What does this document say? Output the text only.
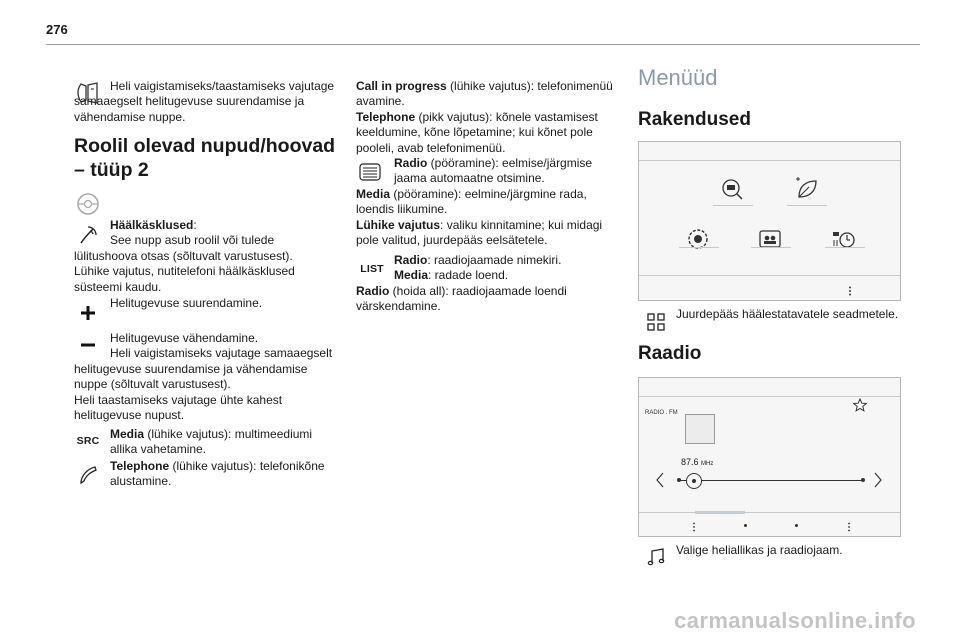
276

Heli vaigistamiseks/taastamiseks vajutage samaaegselt helitugevuse suurendamise ja vähendamise nuppe.

Roolil olevad nupud/hoovad
– tüüp 2

Häälkäsklused:
See nupp asub roolil või tulede
lülitushoova otsas (sõltuvalt varustusest).
Lühike vajutus, nutitelefoni häälkäsklused
süsteemi kaudu.

Helitugevuse suurendamine.

Helitugevuse vähendamine.
Heli vaigistamiseks vajutage samaaegselt
helitugevuse suurendamise ja vähendamise
nuppe (sõltuvalt varustusest).
Heli taastamiseks vajutage ühte kahest
helitugevuse nupust.

SRC

Media (lühike vajutus): multimeediumi
allika vahetamine.

Telephone (lühike vajutus): telefonikõne
alustamine.

Call in progress (lühike vajutus): telefonimenüü
avamine.
Telephone (pikk vajutus): kõnele vastamisest
keeldumine, kõne lõpetamine; kui kõnet pole
pooleli, avab telefonimenüü.

Radio (pööramine): eelmise/järgmise
jaama automaatne otsimine.
Media (pööramine): eelmine/järgmine rada,
loendis liikumine.
Lühike vajutus: valiku kinnitamine; kui midagi
pole valitud, juurdepääs eelsätetele.

LIST

Radio: raadiojaamade nimekiri.
Media: radade loend.
Radio (hoida all): raadiojaamade loendi
värskendamine.

Menüüd
Rakendused

Juurdepääs häälestatavatele seadmetele.

Raadio
RADIO . FM
87.6 MHz

Valige heliallikas ja raadiojaam.

carmanualsonline.info
